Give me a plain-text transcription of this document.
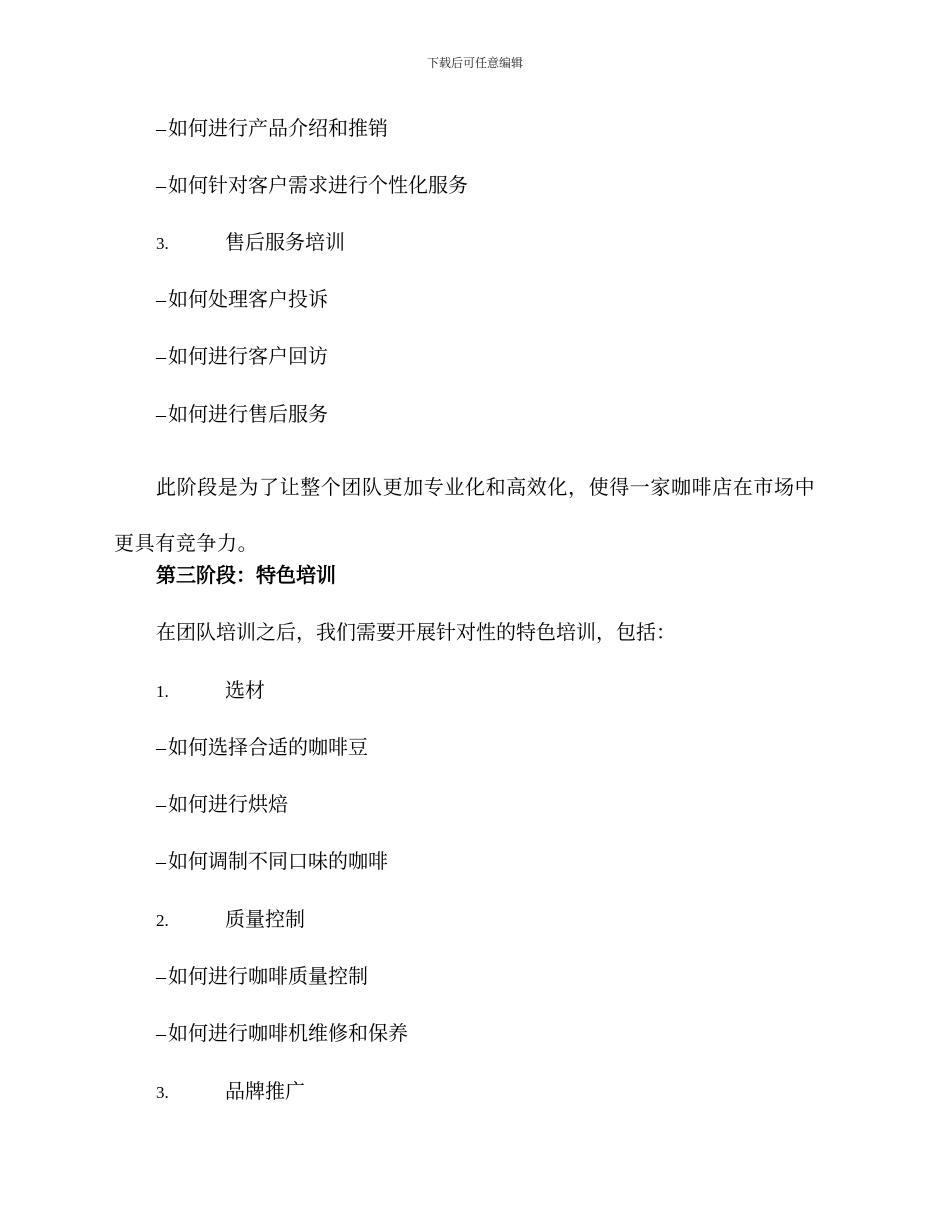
下载后可任意编辑
– 如何进行产品介绍和推销
– 如何针对客户需求进行个性化服务
3.	售后服务培训
– 如何处理客户投诉
– 如何进行客户回访
– 如何进行售后服务
此阶段是为了让整个团队更加专业化和高效化，使得一家咖啡店在市场中更具有竞争力。
第三阶段：特色培训
在团队培训之后，我们需要开展针对性的特色培训，包括：
1.	选材
– 如何选择合适的咖啡豆
– 如何进行烘焙
– 如何调制不同口味的咖啡
2.	质量控制
– 如何进行咖啡质量控制
– 如何进行咖啡机维修和保养
3.	品牌推广
